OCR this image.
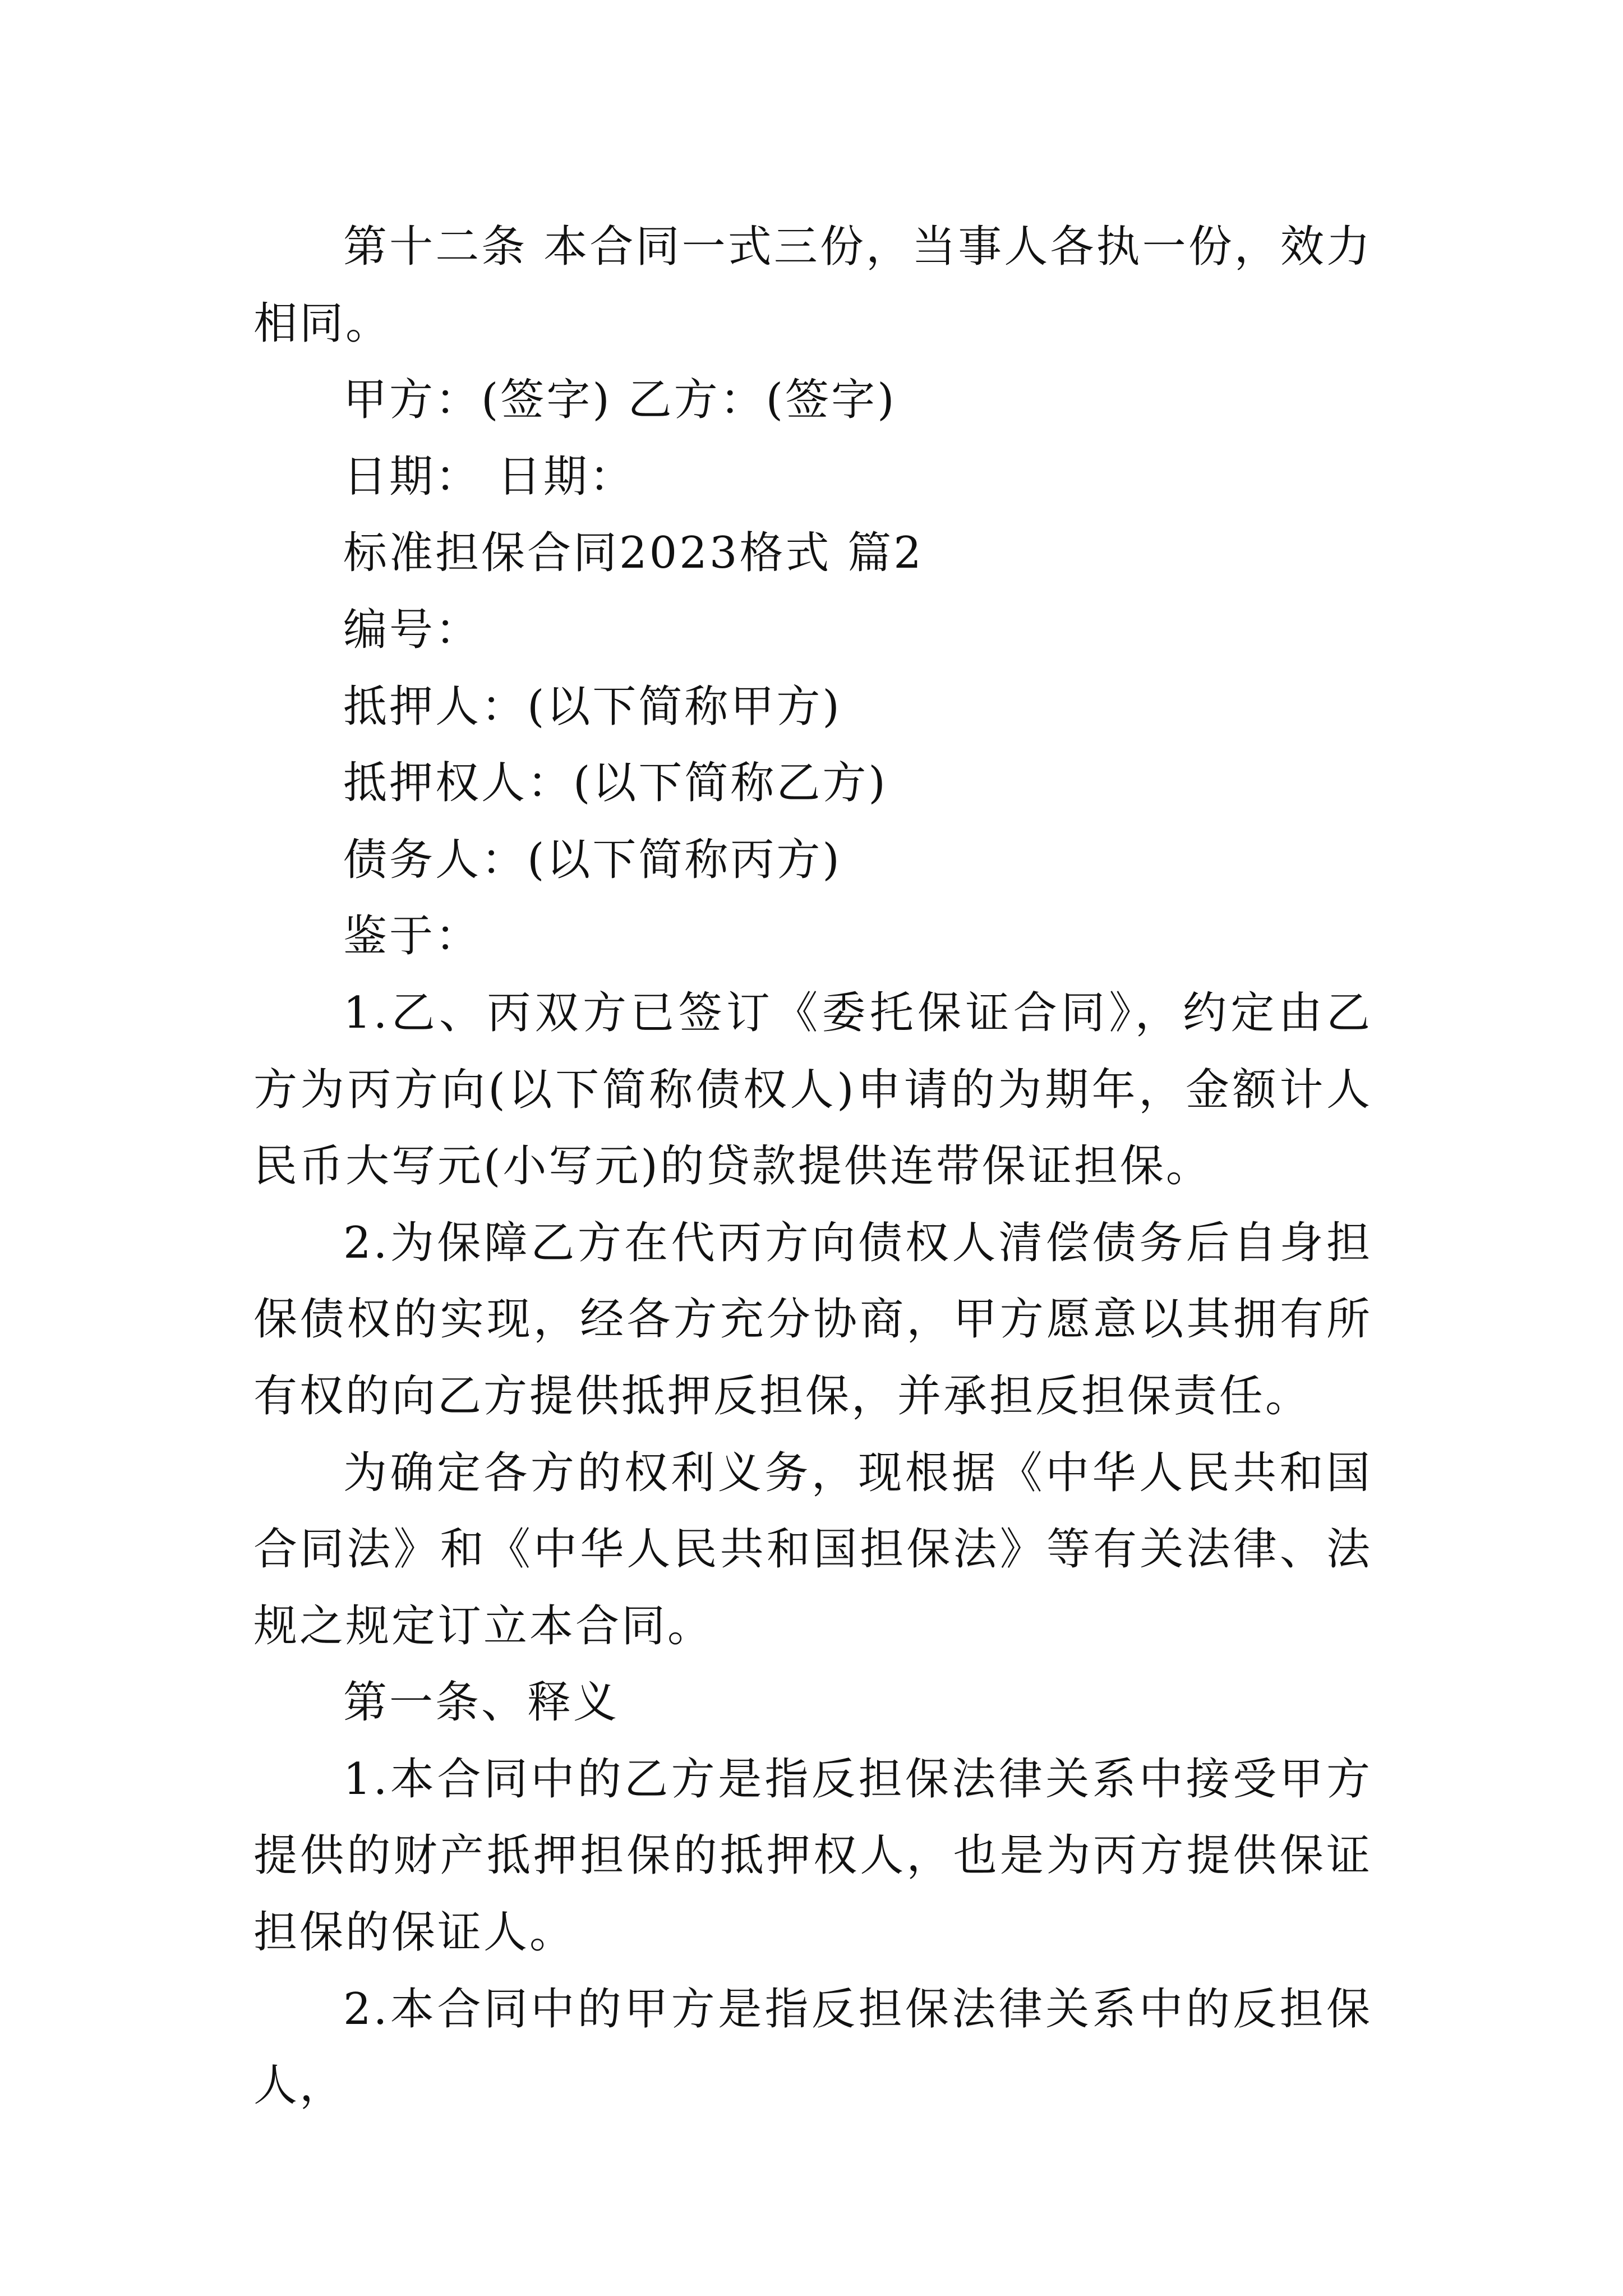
第十二条 本合同一式三份，当事人各执一份，效力相同。

甲方：(签字) 乙方：(签字)

日期： 日期：

标准担保合同2023格式 篇2

编号：

抵押人：(以下简称甲方)

抵押权人：(以下简称乙方)

债务人：(以下简称丙方)

鉴于：

1.乙、丙双方已签订《委托保证合同》，约定由乙方为丙方向(以下简称债权人)申请的为期年，金额计人民币大写元(小写元)的贷款提供连带保证担保。

2.为保障乙方在代丙方向债权人清偿债务后自身担保债权的实现，经各方充分协商，甲方愿意以其拥有所有权的向乙方提供抵押反担保，并承担反担保责任。

为确定各方的权利义务，现根据《中华人民共和国合同法》和《中华人民共和国担保法》等有关法律、法规之规定订立本合同。

第一条、释义

1.本合同中的乙方是指反担保法律关系中接受甲方提供的财产抵押担保的抵押权人，也是为丙方提供保证担保的保证人。

2.本合同中的甲方是指反担保法律关系中的反担保人，
